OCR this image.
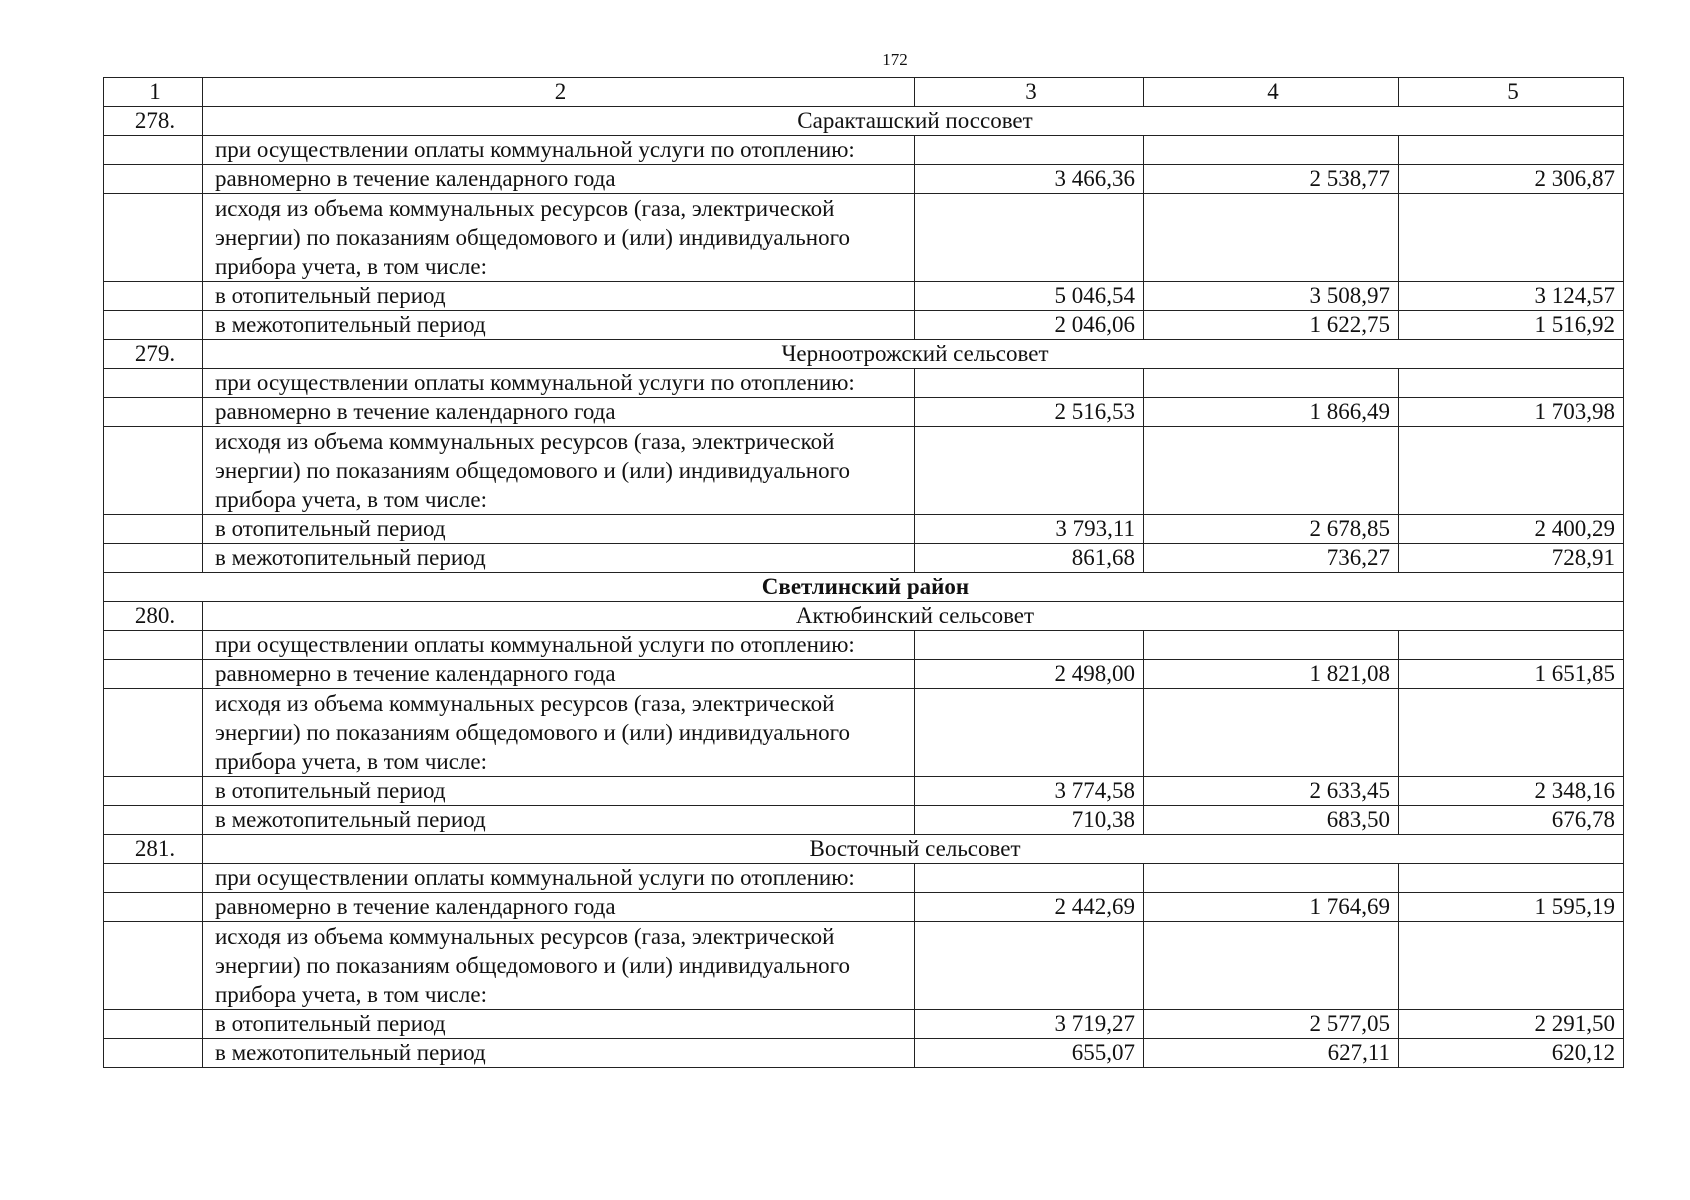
172
1	2	3	4	5
278.	Саракташский поссовет			
	при осуществлении оплаты коммунальной услуги по отоплению:			
	равномерно в течение календарного года	3 466,36	2 538,77	2 306,87
	исходя из объема коммунальных ресурсов (газа, электрической энергии) по показаниям общедомового и (или) индивидуального прибора учета, в том числе:			
	в отопительный период	5 046,54	3 508,97	3 124,57
	в межотопительный период	2 046,06	1 622,75	1 516,92
279.	Черноотрожский сельсовет			
	при осуществлении оплаты коммунальной услуги по отоплению:			
	равномерно в течение календарного года	2 516,53	1 866,49	1 703,98
	исходя из объема коммунальных ресурсов (газа, электрической энергии) по показаниям общедомового и (или) индивидуального прибора учета, в том числе:			
	в отопительный период	3 793,11	2 678,85	2 400,29
	в межотопительный период	861,68	736,27	728,91
Светлинский район				
280.	Актюбинский сельсовет			
	при осуществлении оплаты коммунальной услуги по отоплению:			
	равномерно в течение календарного года	2 498,00	1 821,08	1 651,85
	исходя из объема коммунальных ресурсов (газа, электрической энергии) по показаниям общедомового и (или) индивидуального прибора учета, в том числе:			
	в отопительный период	3 774,58	2 633,45	2 348,16
	в межотопительный период	710,38	683,50	676,78
281.	Восточный сельсовет			
	при осуществлении оплаты коммунальной услуги по отоплению:			
	равномерно в течение календарного года	2 442,69	1 764,69	1 595,19
	исходя из объема коммунальных ресурсов (газа, электрической энергии) по показаниям общедомового и (или) индивидуального прибора учета, в том числе:			
	в отопительный период	3 719,27	2 577,05	2 291,50
	в межотопительный период	655,07	627,11	620,12
